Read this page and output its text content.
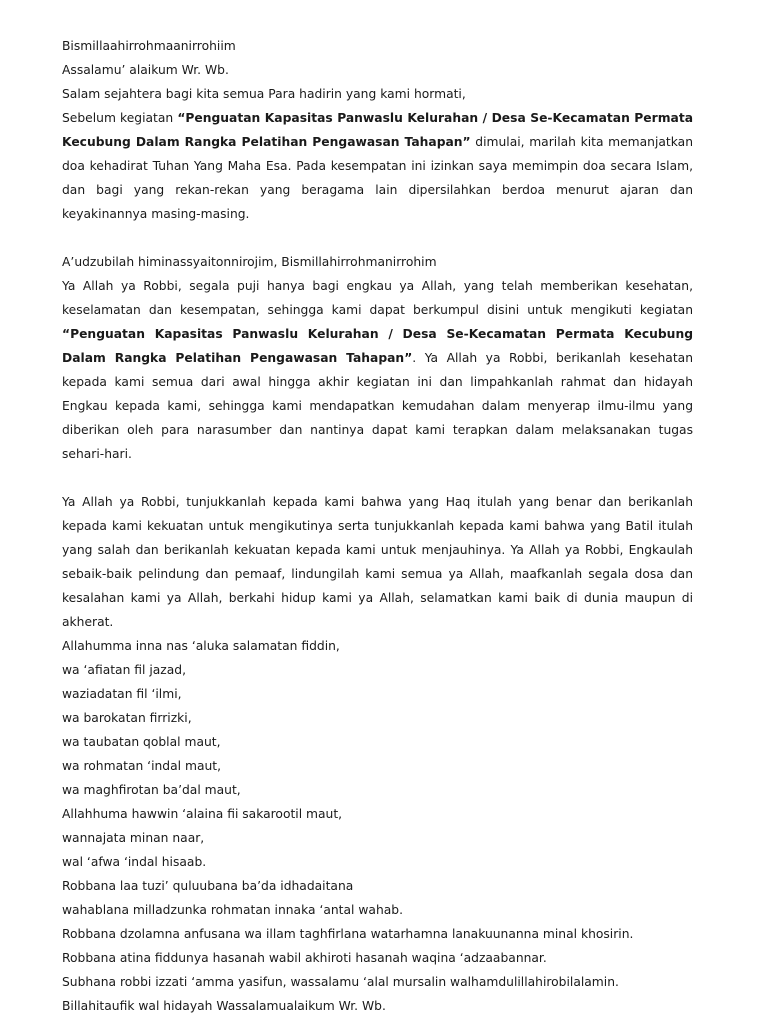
Bismillaahirrohmaanirrohiim

Assalamu’ alaikum Wr. Wb.

Salam sejahtera bagi kita semua Para hadirin yang kami hormati,

Sebelum kegiatan “Penguatan Kapasitas Panwaslu Kelurahan / Desa Se-Kecamatan Permata Kecubung Dalam Rangka Pelatihan Pengawasan Tahapan” dimulai, marilah kita memanjatkan doa kehadirat Tuhan Yang Maha Esa. Pada kesempatan ini izinkan saya memimpin doa secara Islam, dan bagi yang rekan-rekan yang beragama lain dipersilahkan berdoa menurut ajaran dan keyakinannya masing-masing.

A’udzubilah himinassyaitonnirojim, Bismillahirrohmanirrohim

Ya Allah ya Robbi, segala puji hanya bagi engkau ya Allah, yang telah memberikan kesehatan, keselamatan dan kesempatan, sehingga kami dapat berkumpul disini untuk mengikuti kegiatan “Penguatan Kapasitas Panwaslu Kelurahan / Desa Se-Kecamatan Permata Kecubung Dalam Rangka Pelatihan Pengawasan Tahapan”. Ya Allah ya Robbi, berikanlah kesehatan kepada kami semua dari awal hingga akhir kegiatan ini dan limpahkanlah rahmat dan hidayah Engkau kepada kami, sehingga kami mendapatkan kemudahan dalam menyerap ilmu-ilmu yang diberikan oleh para narasumber dan nantinya dapat kami terapkan dalam melaksanakan tugas sehari-hari.

Ya Allah ya Robbi, tunjukkanlah kepada kami bahwa yang Haq itulah yang benar dan berikanlah kepada kami kekuatan untuk mengikutinya serta tunjukkanlah kepada kami bahwa yang Batil itulah yang salah dan berikanlah kekuatan kepada kami untuk menjauhinya. Ya Allah ya Robbi, Engkaulah sebaik-baik pelindung dan pemaaf, lindungilah kami semua ya Allah, maafkanlah segala dosa dan kesalahan kami ya Allah, berkahi hidup kami ya Allah, selamatkan kami baik di dunia maupun di akherat.

Allahumma inna nas ‘aluka salamatan fiddin,

wa ‘afiatan fil jazad,

waziadatan fil ‘ilmi,

wa barokatan firrizki,

wa taubatan qoblal maut,

wa rohmatan ‘indal maut,

wa maghfirotan ba’dal maut,

Allahhuma hawwin ‘alaina fii sakarootil maut,

wannajata minan naar,

wal ‘afwa ‘indal hisaab.

Robbana laa tuzi’ quluubana ba’da idhadaitana

wahablana milladzunka rohmatan innaka ‘antal wahab.

Robbana dzolamna anfusana wa illam taghfirlana watarhamna lanakuunanna minal khosirin.

Robbana atina fiddunya hasanah wabil akhiroti hasanah waqina ‘adzaabannar.

Subhana robbi izzati ‘amma yasifun, wassalamu ‘alal mursalin walhamdulillahirobilalamin.

Billahitaufik wal hidayah Wassalamualaikum Wr. Wb.
